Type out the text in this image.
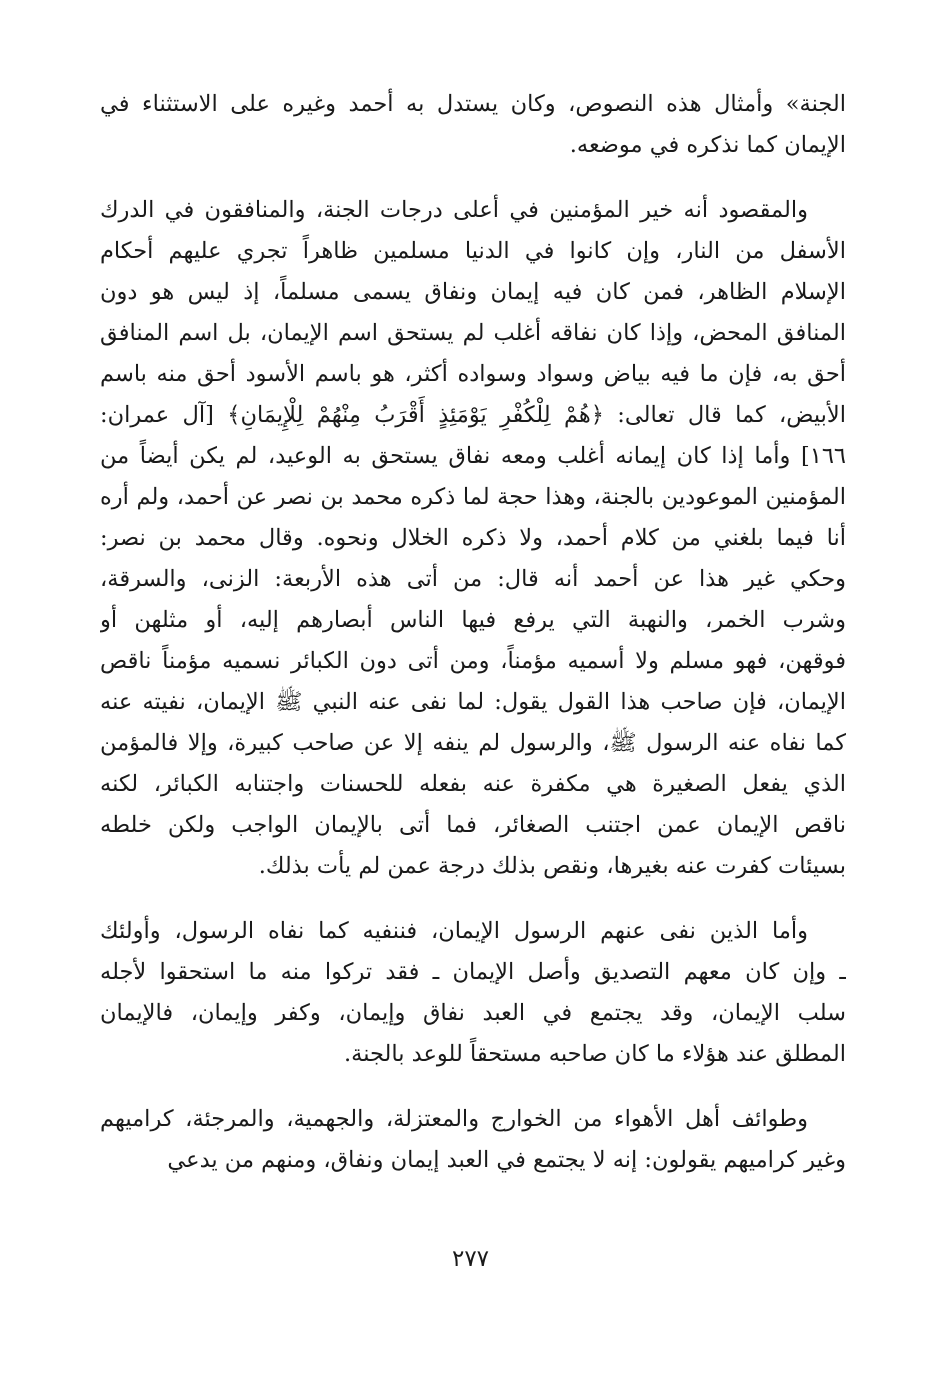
الجنة» وأمثال هذه النصوص، وكان يستدل به أحمد وغيره على الاستثناء في
الإيمان كما نذكره في موضعه.

والمقصود أنه خير المؤمنين في أعلى درجات الجنة، والمنافقون في الدرك
الأسفل من النار، وإن كانوا في الدنيا مسلمين ظاهراً تجري عليهم أحكام
الإسلام الظاهر، فمن كان فيه إيمان ونفاق يسمى مسلماً، إذ ليس هو دون
المنافق المحض، وإذا كان نفاقه أغلب لم يستحق اسم الإيمان، بل اسم المنافق
أحق به، فإن ما فيه بياض وسواد وسواده أكثر، هو باسم الأسود أحق منه باسم
الأبيض، كما قال تعالى: ﴿هُمْ لِلْكُفْرِ يَوْمَئِذٍ أَقْرَبُ مِنْهُمْ لِلْإِيمَانِ﴾ [آل عمران:
١٦٦] وأما إذا كان إيمانه أغلب ومعه نفاق يستحق به الوعيد، لم يكن أيضاً من
المؤمنين الموعودين بالجنة، وهذا حجة لما ذكره محمد بن نصر عن أحمد، ولم أره
أنا فيما بلغني من كلام أحمد، ولا ذكره الخلال ونحوه. وقال محمد بن نصر:
وحكي غير هذا عن أحمد أنه قال: من أتى هذه الأربعة: الزنى، والسرقة،
وشرب الخمر، والنهبة التي يرفع فيها الناس أبصارهم إليه، أو مثلهن أو
فوقهن، فهو مسلم ولا أسميه مؤمناً، ومن أتى دون الكبائر نسميه مؤمناً ناقص
الإيمان، فإن صاحب هذا القول يقول: لما نفى عنه النبي ﷺ الإيمان، نفيته عنه
كما نفاه عنه الرسول ﷺ، والرسول لم ينفه إلا عن صاحب كبيرة، وإلا فالمؤمن
الذي يفعل الصغيرة هي مكفرة عنه بفعله للحسنات واجتنابه الكبائر، لكنه
ناقص الإيمان عمن اجتنب الصغائر، فما أتى بالإيمان الواجب ولكن خلطه
بسيئات كفرت عنه بغيرها، ونقص بذلك درجة عمن لم يأت بذلك.

وأما الذين نفى عنهم الرسول الإيمان، فننفيه كما نفاه الرسول، وأولئك
ـ وإن كان معهم التصديق وأصل الإيمان ـ فقد تركوا منه ما استحقوا لأجله
سلب الإيمان، وقد يجتمع في العبد نفاق وإيمان، وكفر وإيمان، فالإيمان
المطلق عند هؤلاء ما كان صاحبه مستحقاً للوعد بالجنة.

وطوائف أهل الأهواء من الخوارج والمعتزلة، والجهمية، والمرجئة، كراميهم
وغير كراميهم يقولون: إنه لا يجتمع في العبد إيمان ونفاق، ومنهم من يدعي

٢٧٧
